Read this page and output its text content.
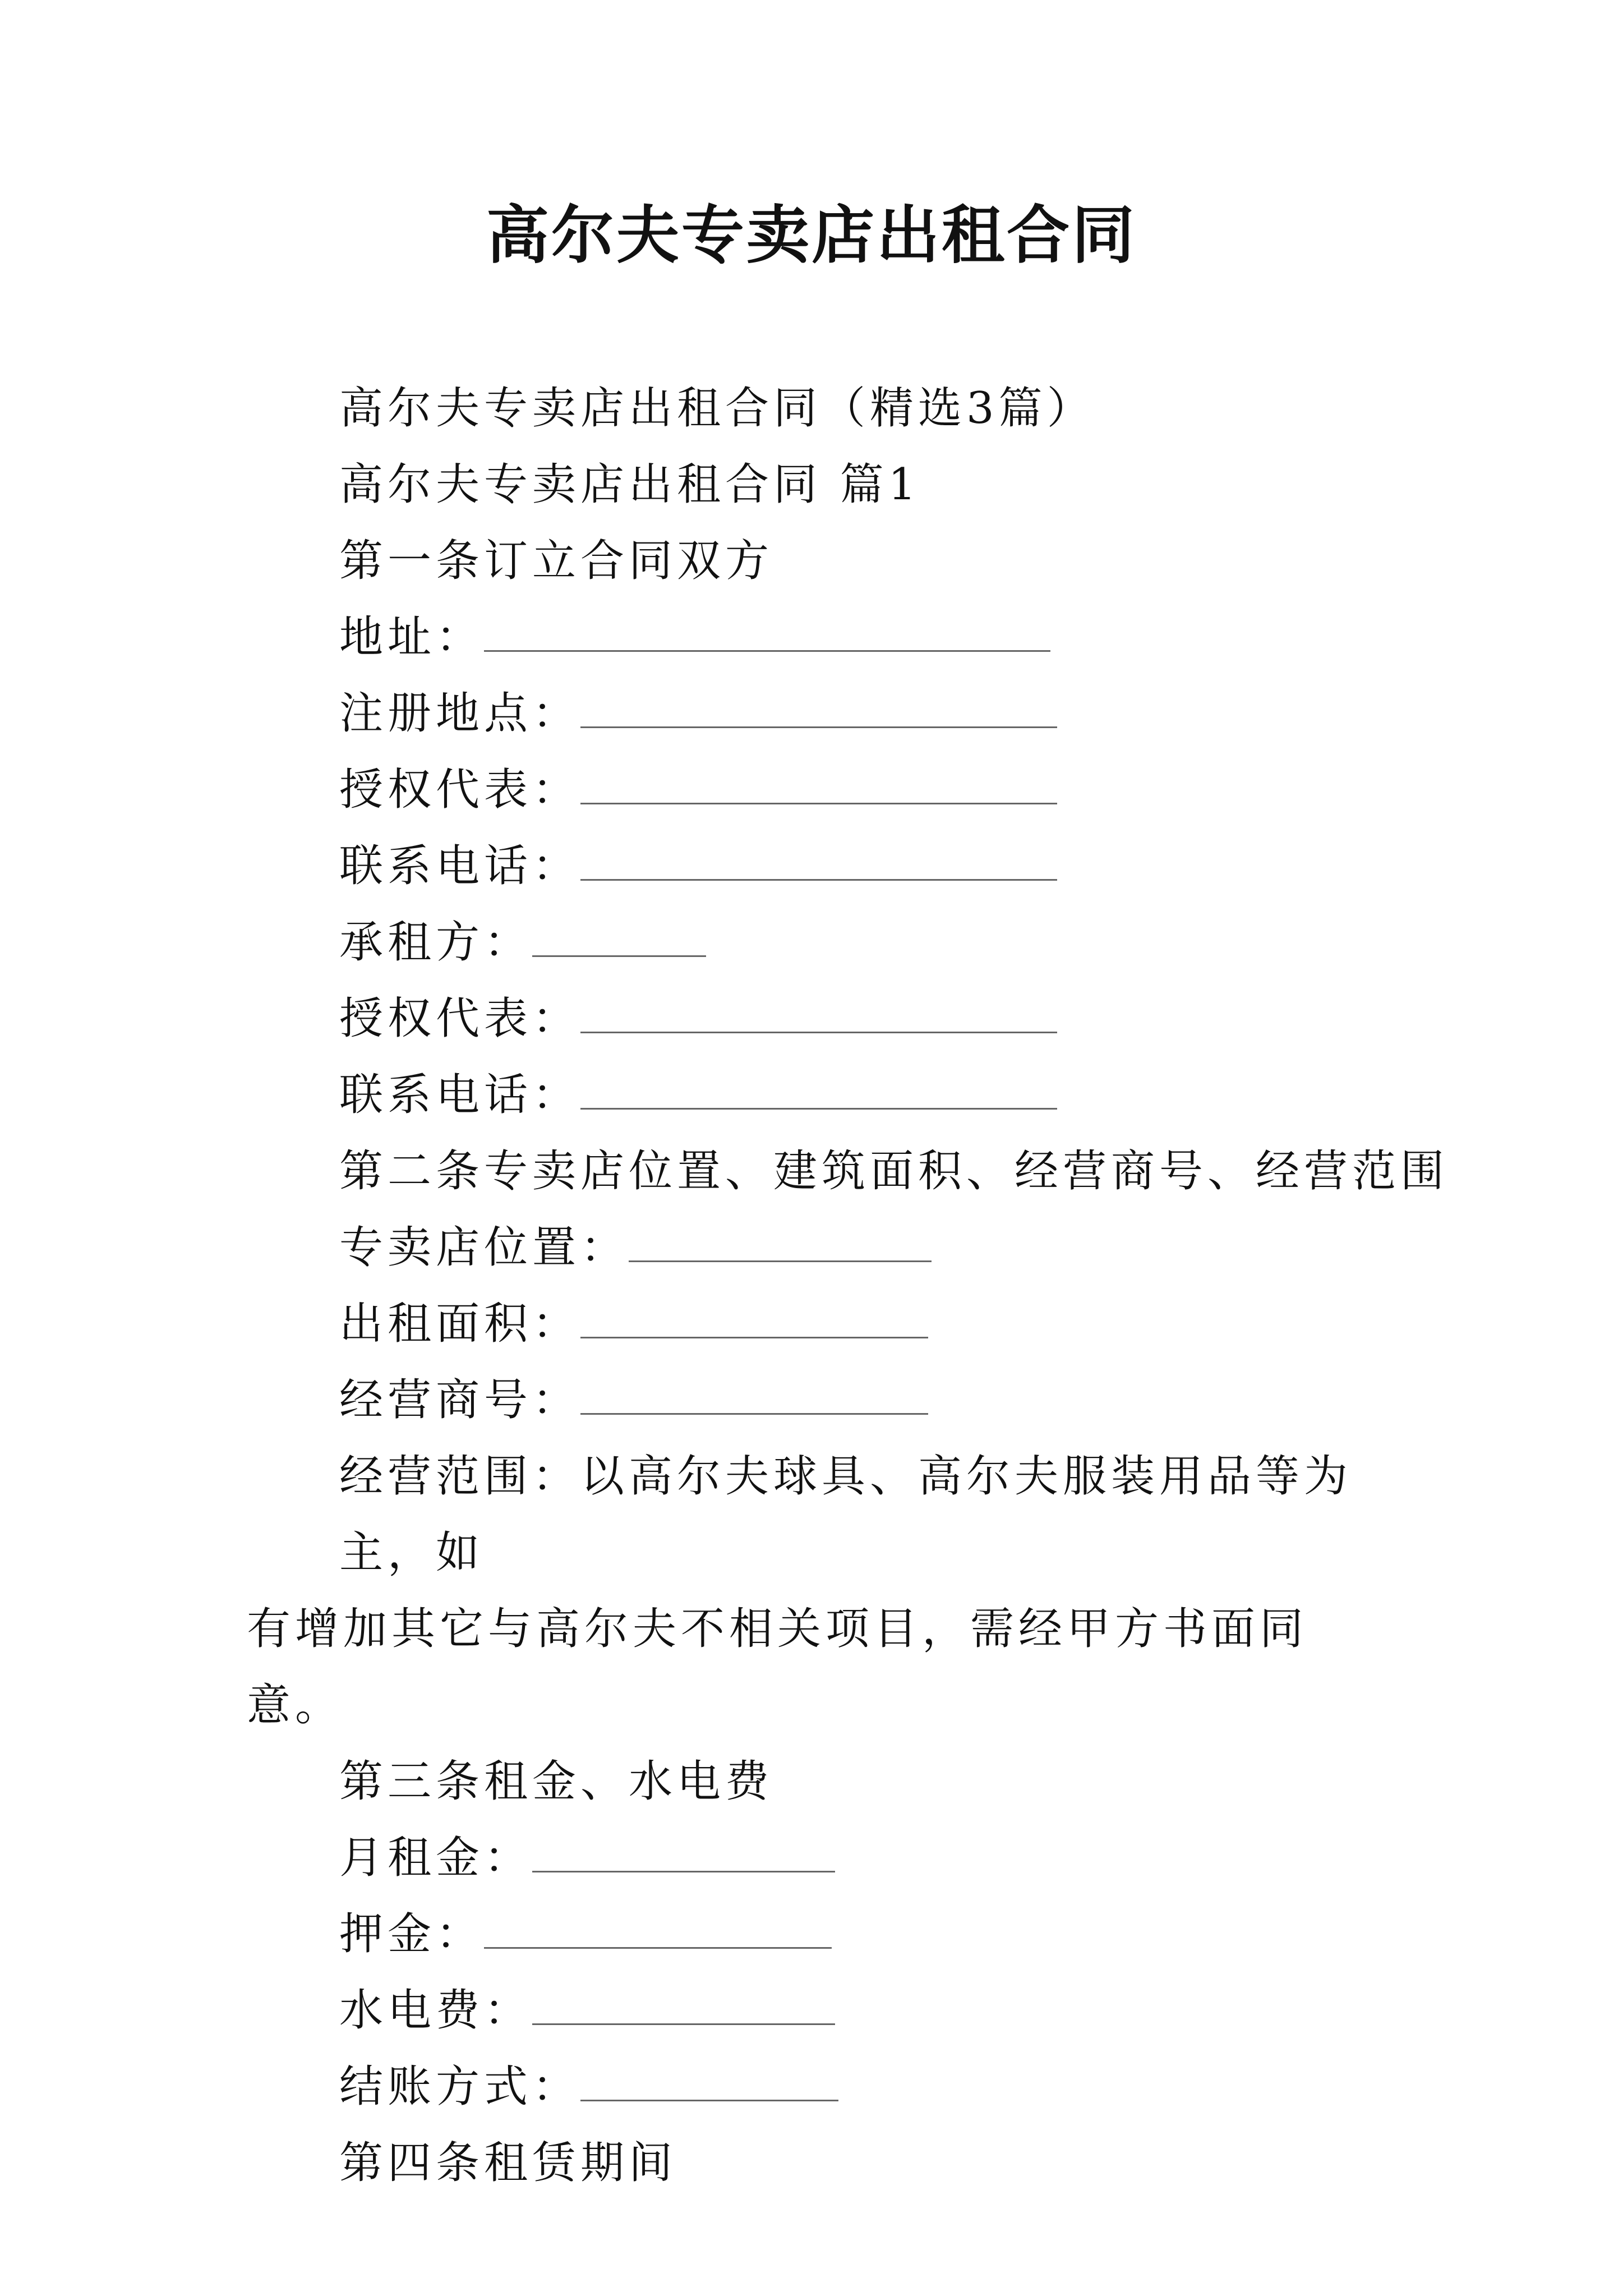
高尔夫专卖店出租合同
高尔夫专卖店出租合同（精选3篇）
高尔夫专卖店出租合同 篇1
第一条订立合同双方
地址：
注册地点：
授权代表：
联系电话：
承租方：
授权代表：
联系电话：
第二条专卖店位置、建筑面积、经营商号、经营范围
专卖店位置：
出租面积：
经营商号：
经营范围：以高尔夫球具、高尔夫服装用品等为主，如
有增加其它与高尔夫不相关项目，需经甲方书面同意。
第三条租金、水电费
月租金：
押金：
水电费：
结账方式：
第四条租赁期间
